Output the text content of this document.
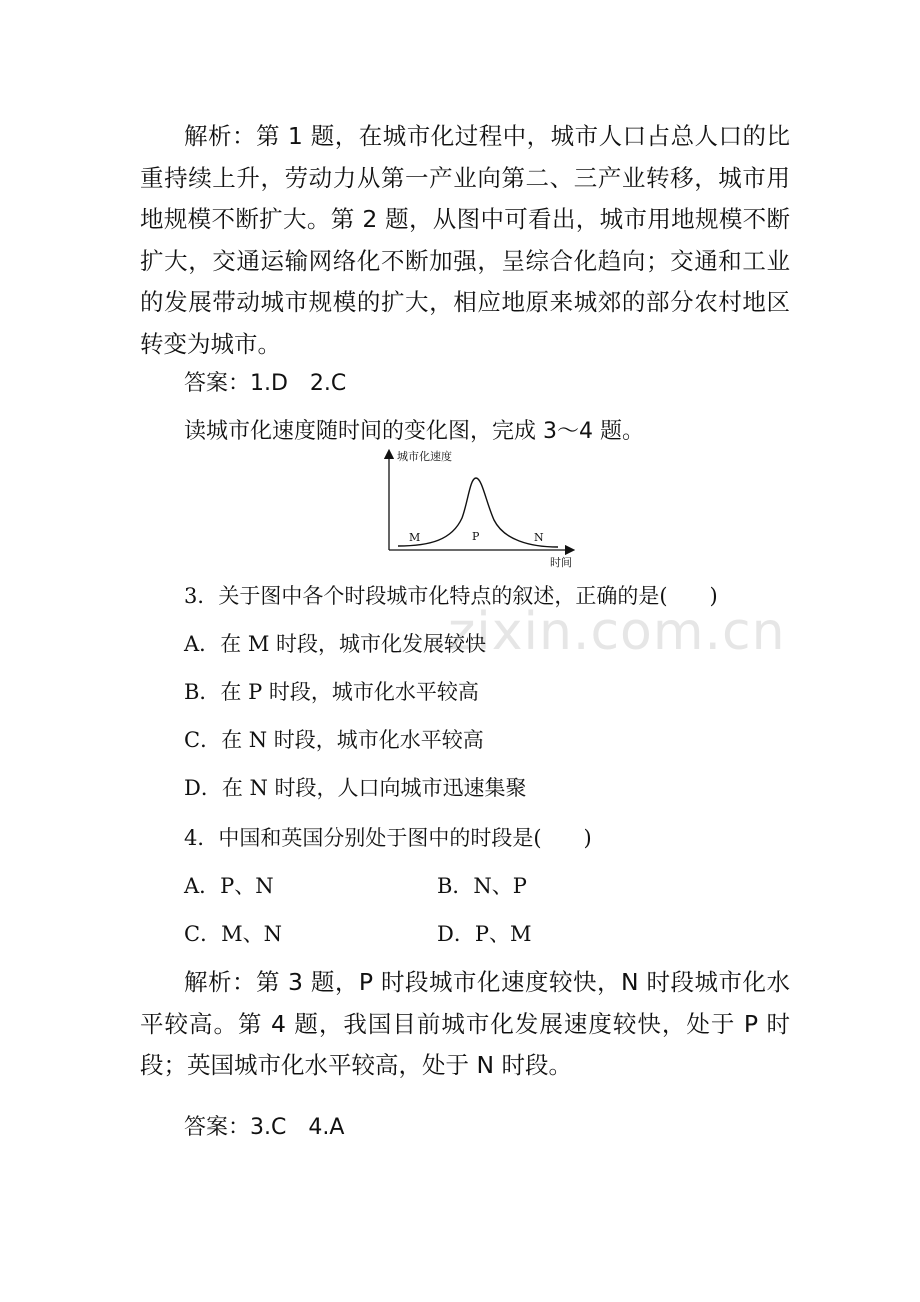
解析：第 1 题，在城市化过程中，城市人口占总人口的比重持续上升，劳动力从第一产业向第二、三产业转移，城市用地规模不断扩大。第 2 题，从图中可看出，城市用地规模不断扩大，交通运输网络化不断加强，呈综合化趋向；交通和工业的发展带动城市规模的扩大，相应地原来城郊的部分农村地区转变为城市。

答案：1.D　2.C

读城市化速度随时间的变化图，完成 3～4 题。

城市化速度
时间
M	P	N
zixin.com.cn

3．关于图中各个时段城市化特点的叙述，正确的是(　　)

A．在 M 时段，城市化发展较快

B．在 P 时段，城市化水平较高

C．在 N 时段，城市化水平较高

D．在 N 时段，人口向城市迅速集聚

4．中国和英国分别处于图中的时段是(　　)

A．P、N	B．N、P
C．M、N	D．P、M

解析：第 3 题，P 时段城市化速度较快，N 时段城市化水平较高。第 4 题，我国目前城市化发展速度较快，处于 P 时段；英国城市化水平较高，处于 N 时段。

答案：3.C　4.A
